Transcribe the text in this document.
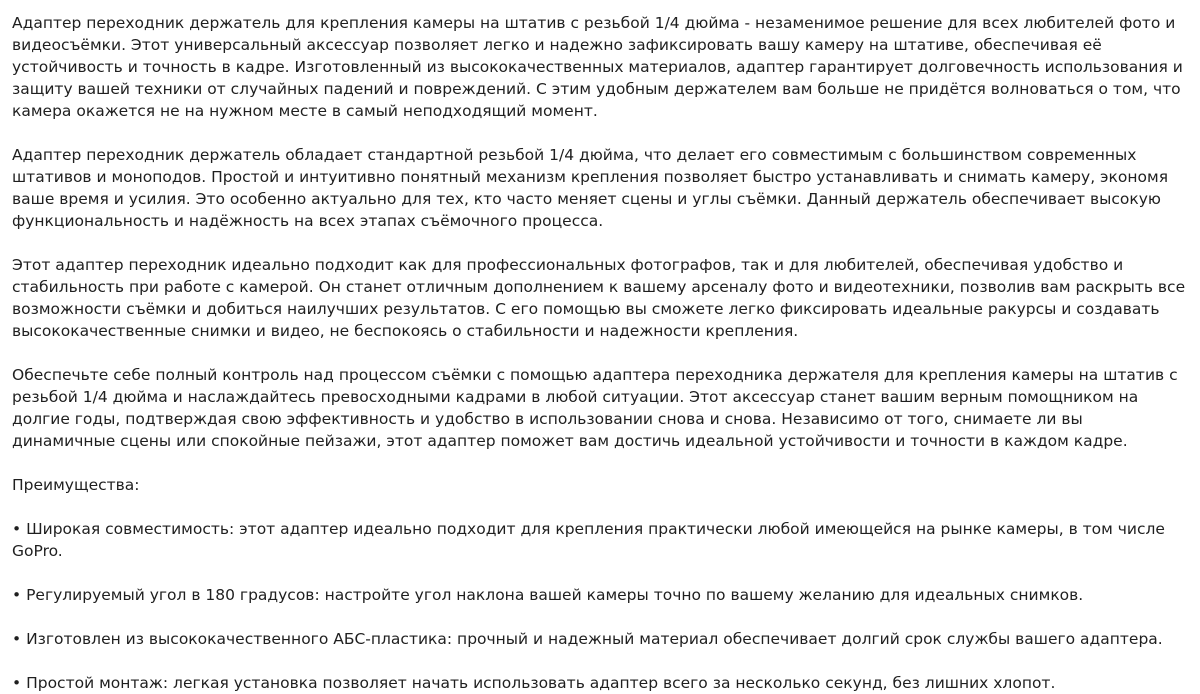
Адаптер переходник держатель для крепления камеры на штатив с резьбой 1/4 дюйма - незаменимое решение для всех любителей фото и видеосъёмки. Этот универсальный аксессуар позволяет легко и надежно зафиксировать вашу камеру на штативе, обеспечивая её устойчивость и точность в кадре. Изготовленный из высококачественных материалов, адаптер гарантирует долговечность использования и защиту вашей техники от случайных падений и повреждений. С этим удобным держателем вам больше не придётся волноваться о том, что камера окажется не на нужном месте в самый неподходящий момент.

Адаптер переходник держатель обладает стандартной резьбой 1/4 дюйма, что делает его совместимым с большинством современных штативов и моноподов. Простой и интуитивно понятный механизм крепления позволяет быстро устанавливать и снимать камеру, экономя ваше время и усилия. Это особенно актуально для тех, кто часто меняет сцены и углы съёмки. Данный держатель обеспечивает высокую функциональность и надёжность на всех этапах съёмочного процесса.

Этот адаптер переходник идеально подходит как для профессиональных фотографов, так и для любителей, обеспечивая удобство и стабильность при работе с камерой. Он станет отличным дополнением к вашему арсеналу фото и видеотехники, позволив вам раскрыть все возможности съёмки и добиться наилучших результатов. С его помощью вы сможете легко фиксировать идеальные ракурсы и создавать высококачественные снимки и видео, не беспокоясь о стабильности и надежности крепления.

Обеспечьте себе полный контроль над процессом съёмки с помощью адаптера переходника держателя для крепления камеры на штатив с резьбой 1/4 дюйма и наслаждайтесь превосходными кадрами в любой ситуации. Этот аксессуар станет вашим верным помощником на долгие годы, подтверждая свою эффективность и удобство в использовании снова и снова. Независимо от того, снимаете ли вы динамичные сцены или спокойные пейзажи, этот адаптер поможет вам достичь идеальной устойчивости и точности в каждом кадре.

Преимущества:

• Широкая совместимость: этот адаптер идеально подходит для крепления практически любой имеющейся на рынке камеры, в том числе GoPro.

• Регулируемый угол в 180 градусов: настройте угол наклона вашей камеры точно по вашему желанию для идеальных снимков.

• Изготовлен из высококачественного АБС-пластика: прочный и надежный материал обеспечивает долгий срок службы вашего адаптера.

• Простой монтаж: легкая установка позволяет начать использовать адаптер всего за несколько секунд, без лишних хлопот.
